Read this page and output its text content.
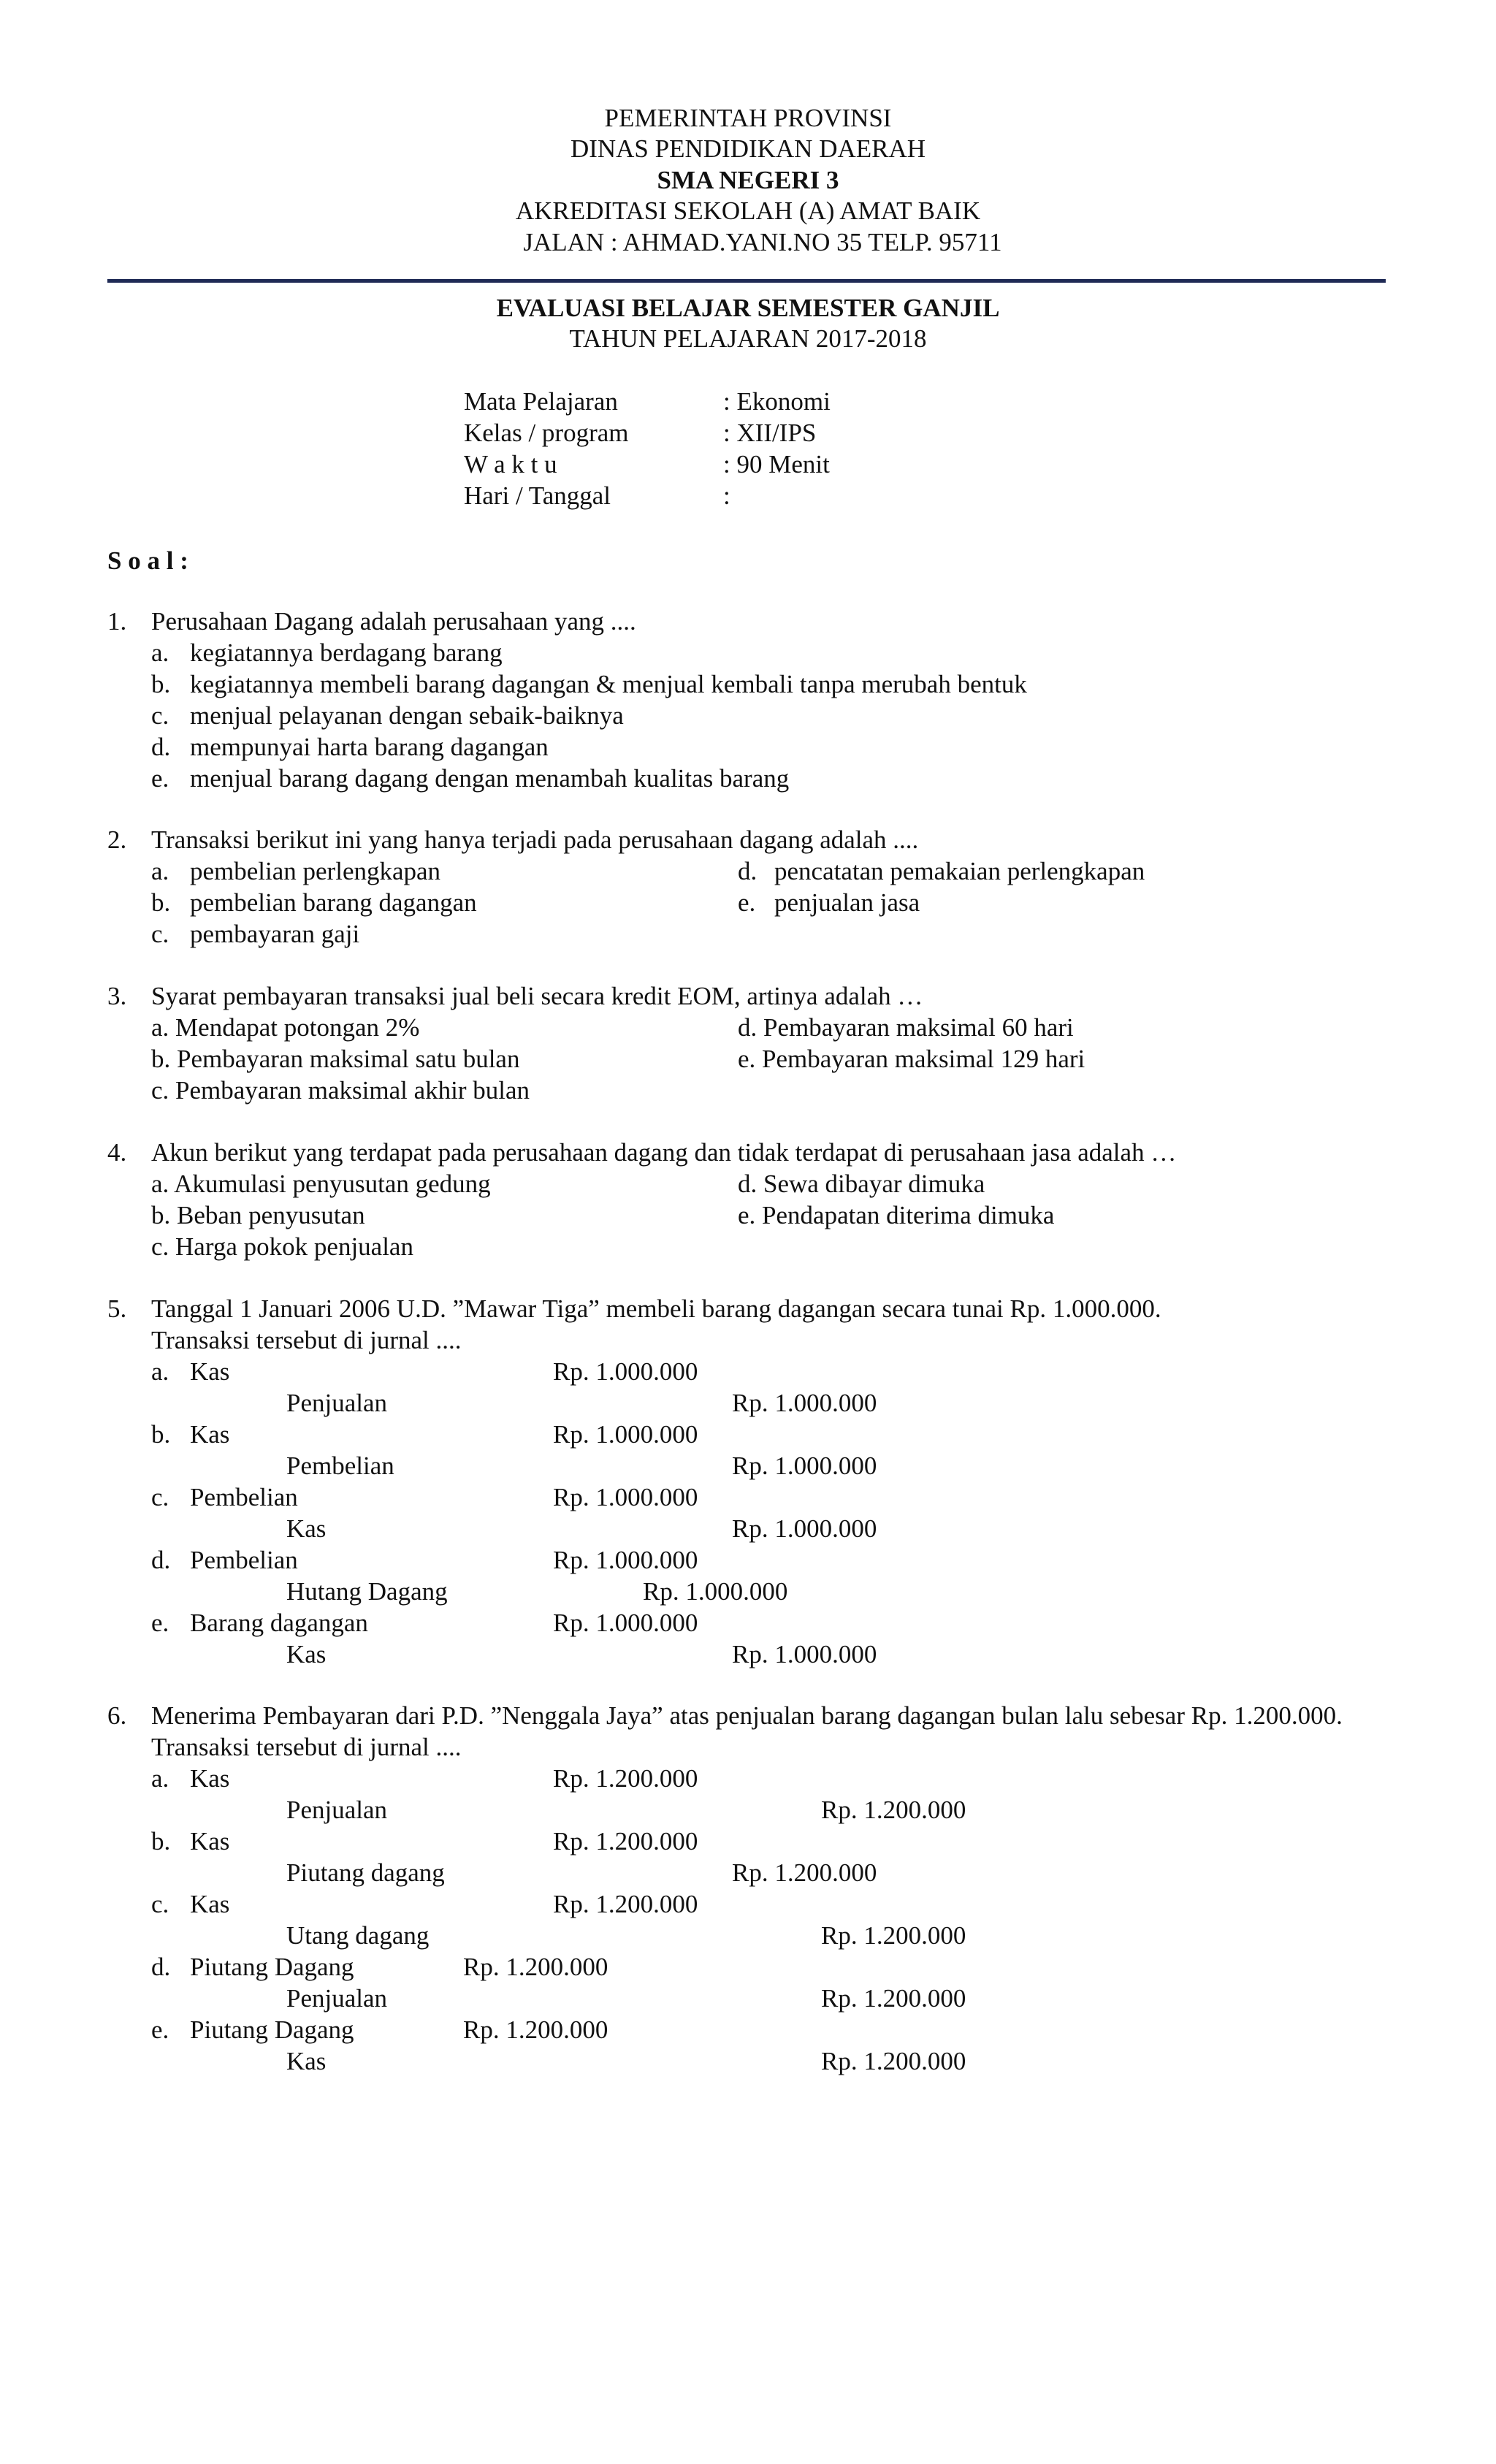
PEMERINTAH PROVINSI
DINAS PENDIDIKAN DAERAH
SMA NEGERI 3
AKREDITASI SEKOLAH (A) AMAT BAIK
JALAN : AHMAD.YANI.NO 35 TELP. 95711
EVALUASI BELAJAR SEMESTER GANJIL
TAHUN PELAJARAN 2017-2018
Mata Pelajaran	: Ekonomi
Kelas / program	: XII/IPS
W a k t u	: 90 Menit
Hari / Tanggal	:
S o a l :
1. Perusahaan Dagang adalah perusahaan yang ....
a. kegiatannya berdagang barang
b. kegiatannya membeli barang dagangan & menjual kembali tanpa merubah bentuk
c. menjual pelayanan dengan sebaik-baiknya
d. mempunyai harta barang dagangan
e. menjual barang dagang dengan menambah kualitas barang
2. Transaksi berikut ini yang hanya terjadi pada perusahaan dagang adalah ....
a. pembelian perlengkapan
b. pembelian barang dagangan
c. pembayaran gaji
d. pencatatan pemakaian perlengkapan
e. penjualan jasa
3. Syarat pembayaran transaksi jual beli secara kredit EOM, artinya adalah …
a. Mendapat potongan 2%
b. Pembayaran maksimal satu bulan
c. Pembayaran maksimal akhir bulan
d. Pembayaran maksimal 60 hari
e. Pembayaran maksimal 129 hari
4. Akun berikut yang terdapat pada perusahaan dagang dan tidak terdapat di perusahaan jasa adalah …
a. Akumulasi penyusutan gedung
b. Beban penyusutan
c. Harga pokok penjualan
d. Sewa dibayar dimuka
e. Pendapatan diterima dimuka
5. Tanggal 1 Januari 2006 U.D. ”Mawar Tiga” membeli barang dagangan secara tunai Rp. 1.000.000.
Transaksi tersebut di jurnal ....
a. Kas	Rp. 1.000.000
Penjualan	Rp. 1.000.000
b. Kas	Rp. 1.000.000
Pembelian	Rp. 1.000.000
c. Pembelian	Rp. 1.000.000
Kas	Rp. 1.000.000
d. Pembelian	Rp. 1.000.000
Hutang Dagang	Rp. 1.000.000
e. Barang dagangan	Rp. 1.000.000
Kas	Rp. 1.000.000
6. Menerima Pembayaran dari P.D. ”Nenggala Jaya” atas penjualan barang dagangan bulan lalu sebesar Rp. 1.200.000.
Transaksi tersebut di jurnal ....
a. Kas	Rp. 1.200.000
Penjualan	Rp. 1.200.000
b. Kas	Rp. 1.200.000
Piutang dagang	Rp. 1.200.000
c. Kas	Rp. 1.200.000
Utang dagang	Rp. 1.200.000
d. Piutang Dagang	Rp. 1.200.000
Penjualan	Rp. 1.200.000
e. Piutang Dagang	Rp. 1.200.000
Kas	Rp. 1.200.000
